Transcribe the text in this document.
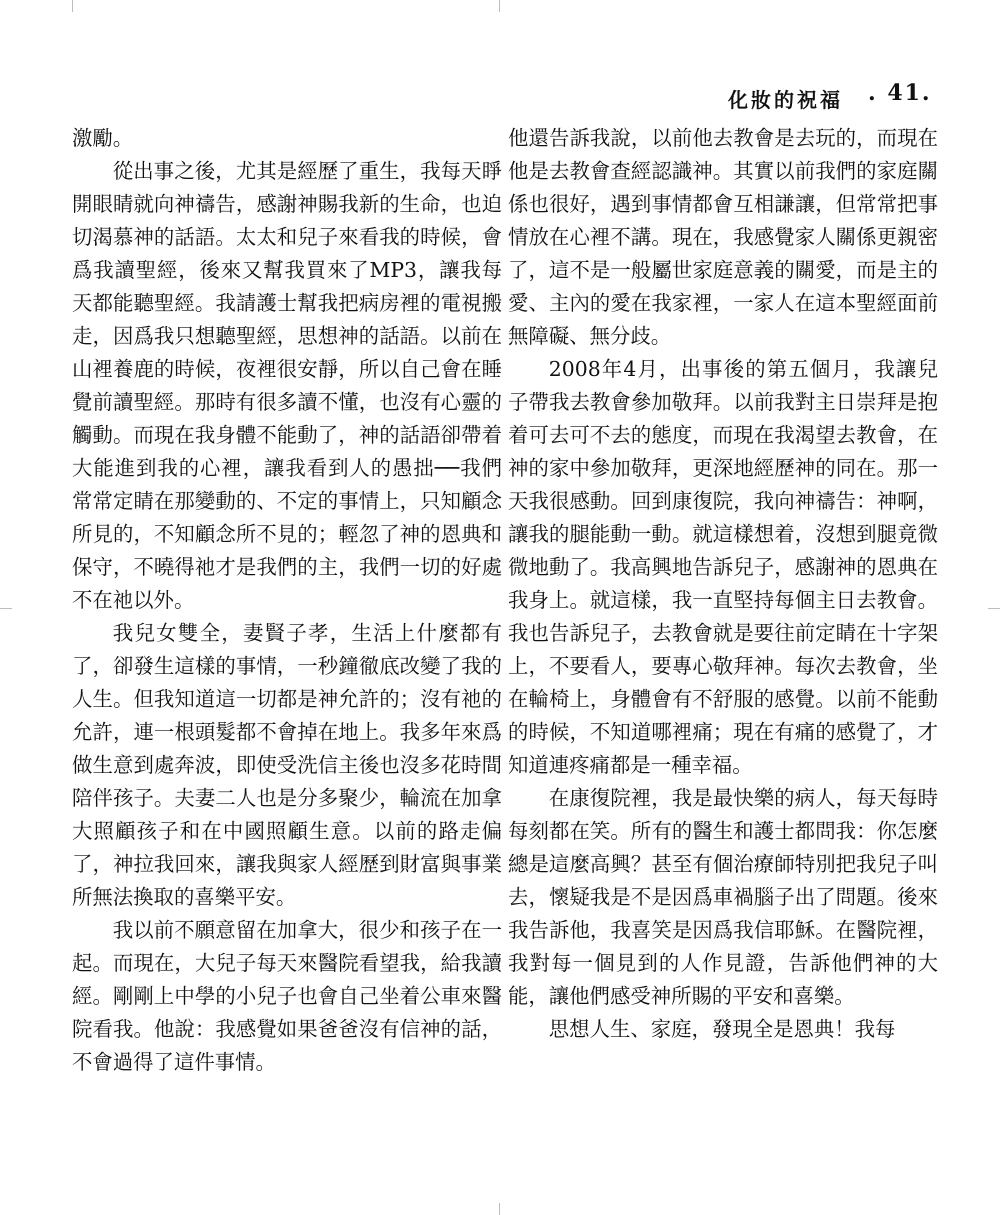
化妝的祝福 . 41.

激勵。

從出事之後，尤其是經歷了重生，我每天睜開眼睛就向神禱告，感謝神賜我新的生命，也迫切渴慕神的話語。太太和兒子來看我的時候，會爲我讀聖經，後來又幫我買來了MP3，讓我每天都能聽聖經。我請護士幫我把病房裡的電視搬走，因爲我只想聽聖經，思想神的話語。以前在山裡養鹿的時候，夜裡很安靜，所以自己會在睡覺前讀聖經。那時有很多讀不懂，也沒有心靈的觸動。而現在我身體不能動了，神的話語卻帶着大能進到我的心裡，讓我看到人的愚拙──我們常常定睛在那變動的、不定的事情上，只知顧念所見的，不知顧念所不見的；輕忽了神的恩典和保守，不曉得祂才是我們的主，我們一切的好處不在祂以外。

我兒女雙全，妻賢子孝，生活上什麼都有了，卻發生這樣的事情，一秒鐘徹底改變了我的人生。但我知道這一切都是神允許的；沒有祂的允許，連一根頭髮都不會掉在地上。我多年來爲做生意到處奔波，即使受洗信主後也沒多花時間陪伴孩子。夫妻二人也是分多聚少，輪流在加拿大照顧孩子和在中國照顧生意。以前的路走偏了，神拉我回來，讓我與家人經歷到財富與事業所無法換取的喜樂平安。

我以前不願意留在加拿大，很少和孩子在一起。而現在，大兒子每天來醫院看望我，給我讀經。剛剛上中學的小兒子也會自己坐着公車來醫院看我。他說：我感覺如果爸爸沒有信神的話，不會過得了這件事情。

他還告訴我說，以前他去教會是去玩的，而現在他是去教會查經認識神。其實以前我們的家庭關係也很好，遇到事情都會互相謙讓，但常常把事情放在心裡不講。現在，我感覺家人關係更親密了，這不是一般屬世家庭意義的關愛，而是主的愛、主內的愛在我家裡，一家人在這本聖經面前無障礙、無分歧。

2008年4月，出事後的第五個月，我讓兒子帶我去教會參加敬拜。以前我對主日崇拜是抱着可去可不去的態度，而現在我渴望去教會，在神的家中參加敬拜，更深地經歷神的同在。那一天我很感動。回到康復院，我向神禱告：神啊，讓我的腿能動一動。就這樣想着，沒想到腿竟微微地動了。我高興地告訴兒子，感謝神的恩典在我身上。就這樣，我一直堅持每個主日去教會。我也告訴兒子，去教會就是要往前定睛在十字架上，不要看人，要專心敬拜神。每次去教會，坐在輪椅上，身體會有不舒服的感覺。以前不能動的時候，不知道哪裡痛；現在有痛的感覺了，才知道連疼痛都是一種幸福。

在康復院裡，我是最快樂的病人，每天每時每刻都在笑。所有的醫生和護士都問我：你怎麼總是這麼高興？甚至有個治療師特別把我兒子叫去，懷疑我是不是因爲車禍腦子出了問題。後來我告訴他，我喜笑是因爲我信耶穌。在醫院裡，我對每一個見到的人作見證，告訴他們神的大能，讓他們感受神所賜的平安和喜樂。

思想人生、家庭，發現全是恩典！我每
